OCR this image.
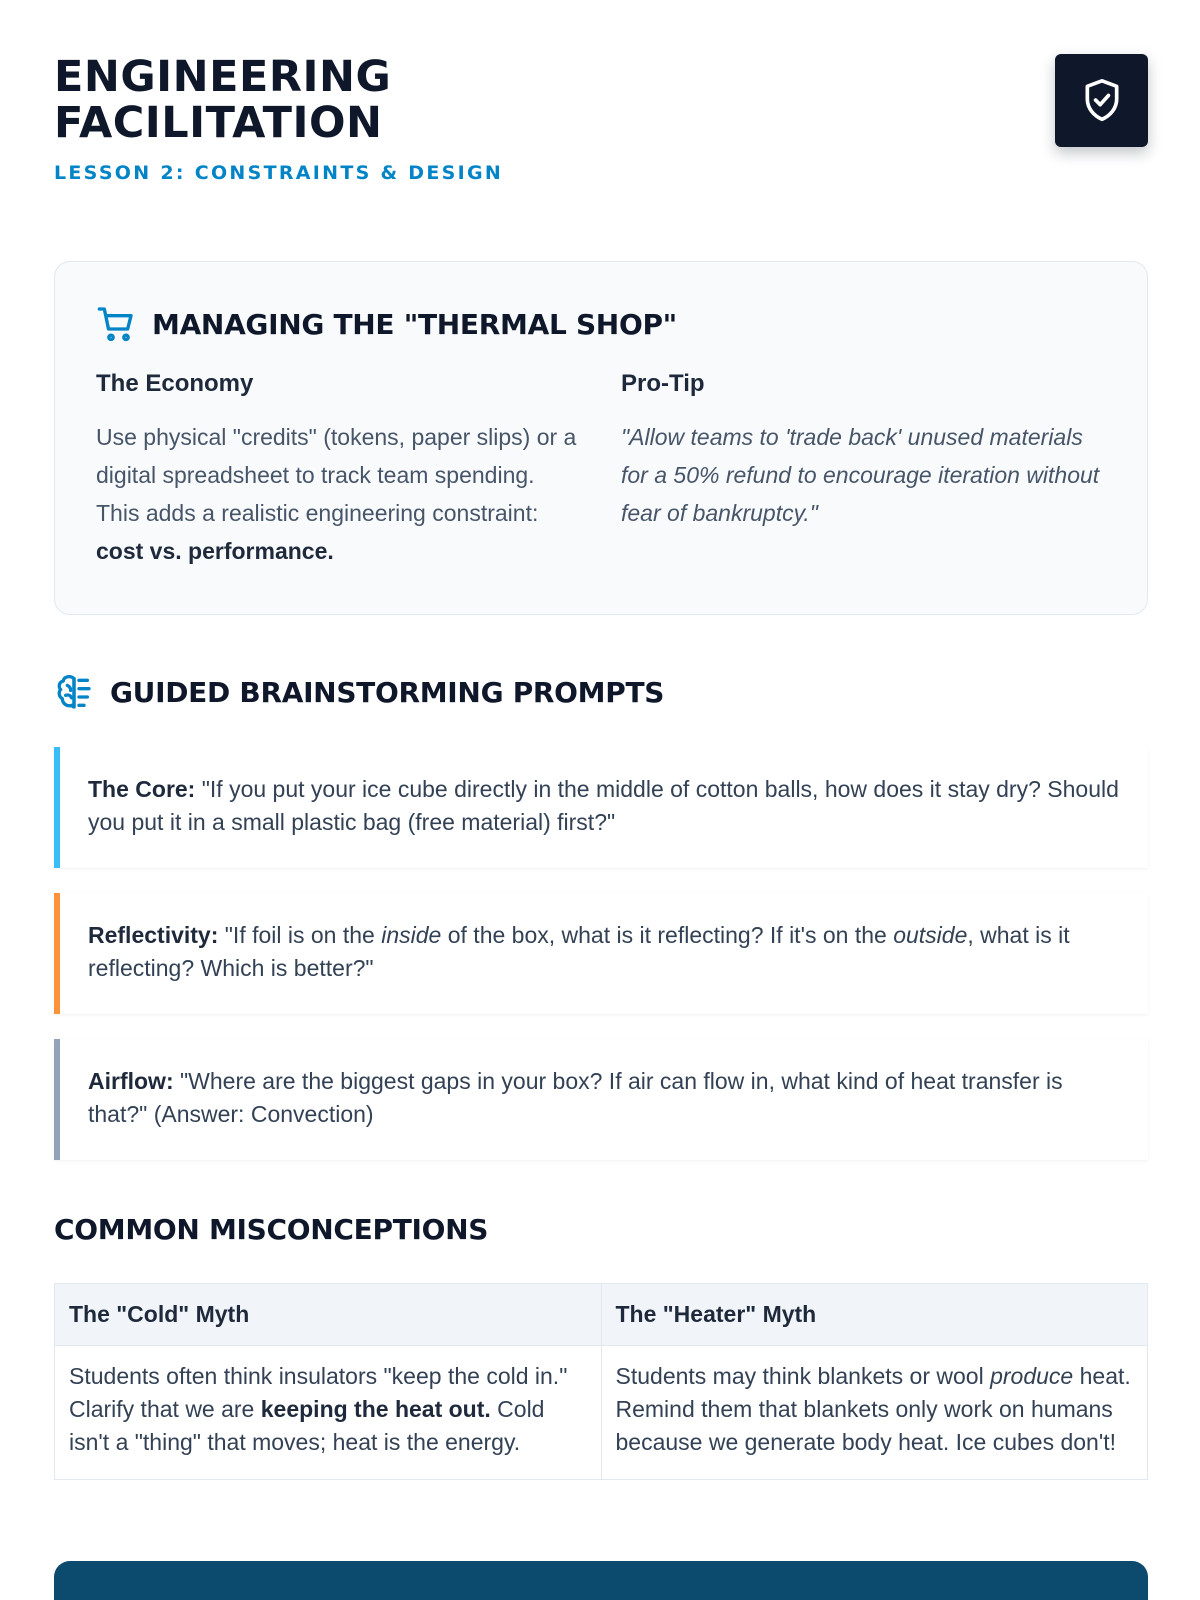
ENGINEERING
FACILITATION
LESSON 2: CONSTRAINTS & DESIGN
MANAGING THE "THERMAL SHOP"
The Economy

Use physical "credits" (tokens, paper slips) or a digital spreadsheet to track team spending. This adds a realistic engineering constraint: cost vs. performance.

Pro-Tip

"Allow teams to 'trade back' unused materials for a 50% refund to encourage iteration without fear of bankruptcy."

GUIDED BRAINSTORMING PROMPTS
The Core: "If you put your ice cube directly in the middle of cotton balls, how does it stay dry? Should you put it in a small plastic bag (free material) first?"
Reflectivity: "If foil is on the inside of the box, what is it reflecting? If it's on the outside, what is it reflecting? Which is better?"
Airflow: "Where are the biggest gaps in your box? If air can flow in, what kind of heat transfer is that?" (Answer: Convection)
COMMON MISCONCEPTIONS
The "Cold" Myth	The "Heater" Myth
Students often think insulators "keep the cold in." Clarify that we are keeping the heat out. Cold isn't a "thing" that moves; heat is the energy.	Students may think blankets or wool produce heat. Remind them that blankets only work on humans because we generate body heat. Ice cubes don't!
